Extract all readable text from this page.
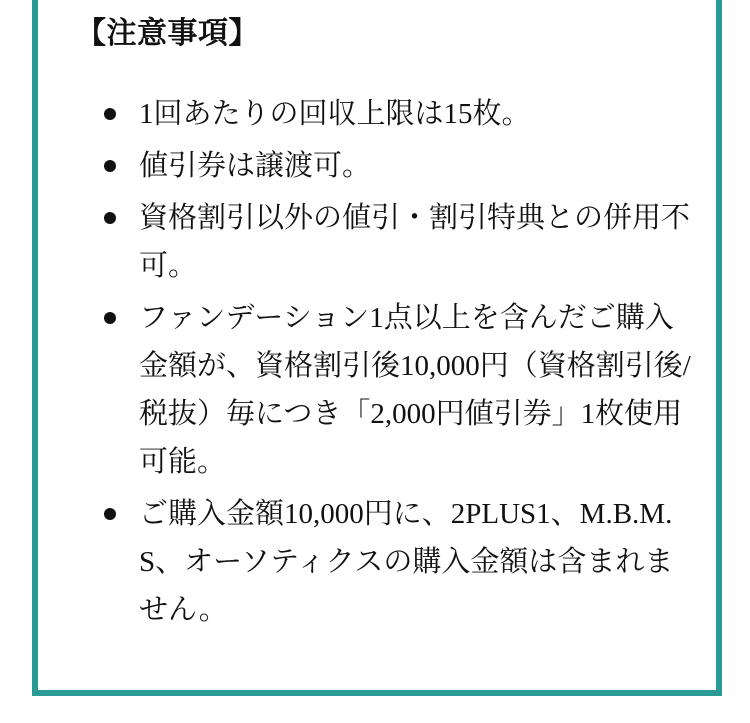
【注意事項】
1回あたりの回収上限は15枚。
値引券は譲渡可。
資格割引以外の値引・割引特典との併用不可。
ファンデーション1点以上を含んだご購入金額が、資格割引後10,000円（資格割引後/税抜）毎につき「2,000円値引券」1枚使用可能。
ご購入金額10,000円に、2PLUS1、M.B.M.S、オーソティクスの購入金額は含まれません。
